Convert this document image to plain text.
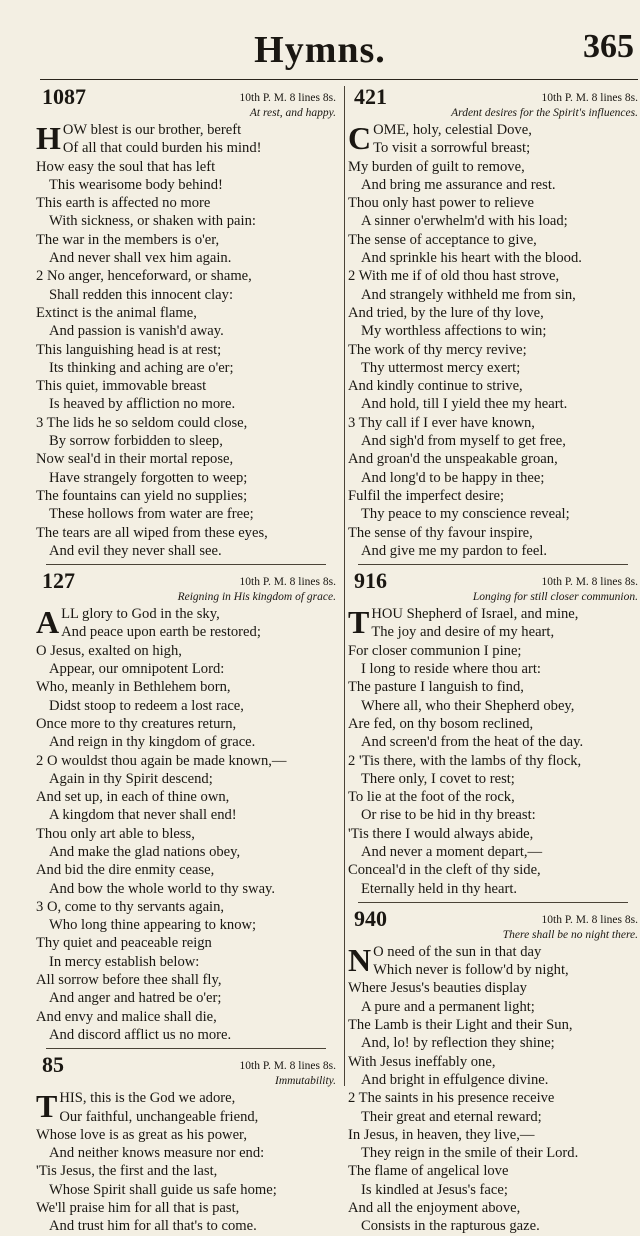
Hymns.	365
1087	10th P. M. 8 lines 8s.
At rest, and happy.
HOW blest is our brother, bereft
Of all that could burden his mind!
How easy the soul that has left
This wearisome body behind!
This earth is affected no more
With sickness, or shaken with pain:
The war in the members is o'er,
And never shall vex him again.
2 No anger, henceforward, or shame,
Shall redden this innocent clay:
Extinct is the animal flame,
And passion is vanish'd away.
This languishing head is at rest;
Its thinking and aching are o'er;
This quiet, immovable breast
Is heaved by affliction no more.
3 The lids he so seldom could close,
By sorrow forbidden to sleep,
Now seal'd in their mortal repose,
Have strangely forgotten to weep;
The fountains can yield no supplies;
These hollows from water are free;
The tears are all wiped from these eyes,
And evil they never shall see.
127	10th P. M. 8 lines 8s.
Reigning in His kingdom of grace.
ALL glory to God in the sky,
And peace upon earth be restored;
O Jesus, exalted on high,
Appear, our omnipotent Lord:
Who, meanly in Bethlehem born,
Didst stoop to redeem a lost race,
Once more to thy creatures return,
And reign in thy kingdom of grace.
2 O wouldst thou again be made known,—
Again in thy Spirit descend;
And set up, in each of thine own,
A kingdom that never shall end!
Thou only art able to bless,
And make the glad nations obey,
And bid the dire enmity cease,
And bow the whole world to thy sway.
3 O, come to thy servants again,
Who long thine appearing to know;
Thy quiet and peaceable reign
In mercy establish below:
All sorrow before thee shall fly,
And anger and hatred be o'er;
And envy and malice shall die,
And discord afflict us no more.
85	10th P. M. 8 lines 8s.
Immutability.
THIS, this is the God we adore,
Our faithful, unchangeable friend,
Whose love is as great as his power,
And neither knows measure nor end:
'Tis Jesus, the first and the last,
Whose Spirit shall guide us safe home;
We'll praise him for all that is past,
And trust him for all that's to come.
421	10th P. M. 8 lines 8s.
Ardent desires for the Spirit's influences.
COME, holy, celestial Dove,
To visit a sorrowful breast;
My burden of guilt to remove,
And bring me assurance and rest.
Thou only hast power to relieve
A sinner o'erwhelm'd with his load;
The sense of acceptance to give,
And sprinkle his heart with the blood.
2 With me if of old thou hast strove,
And strangely withheld me from sin,
And tried, by the lure of thy love,
My worthless affections to win;
The work of thy mercy revive;
Thy uttermost mercy exert;
And kindly continue to strive,
And hold, till I yield thee my heart.
3 Thy call if I ever have known,
And sigh'd from myself to get free,
And groan'd the unspeakable groan,
And long'd to be happy in thee;
Fulfil the imperfect desire;
Thy peace to my conscience reveal;
The sense of thy favour inspire,
And give me my pardon to feel.
916	10th P. M. 8 lines 8s.
Longing for still closer communion.
THOU Shepherd of Israel, and mine,
The joy and desire of my heart,
For closer communion I pine;
I long to reside where thou art:
The pasture I languish to find,
Where all, who their Shepherd obey,
Are fed, on thy bosom reclined,
And screen'd from the heat of the day.
2 'Tis there, with the lambs of thy flock,
There only, I covet to rest;
To lie at the foot of the rock,
Or rise to be hid in thy breast:
'Tis there I would always abide,
And never a moment depart,—
Conceal'd in the cleft of thy side,
Eternally held in thy heart.
940	10th P. M. 8 lines 8s.
There shall be no night there.
N O need of the sun in that day
Which never is follow'd by night,
Where Jesus's beauties display
A pure and a permanent light;
The Lamb is their Light and their Sun,
And, lo! by reflection they shine;
With Jesus ineffably one,
And bright in effulgence divine.
2 The saints in his presence receive
Their great and eternal reward;
In Jesus, in heaven, they live,—
They reign in the smile of their Lord.
The flame of angelical love
Is kindled at Jesus's face;
And all the enjoyment above,
Consists in the rapturous gaze.
